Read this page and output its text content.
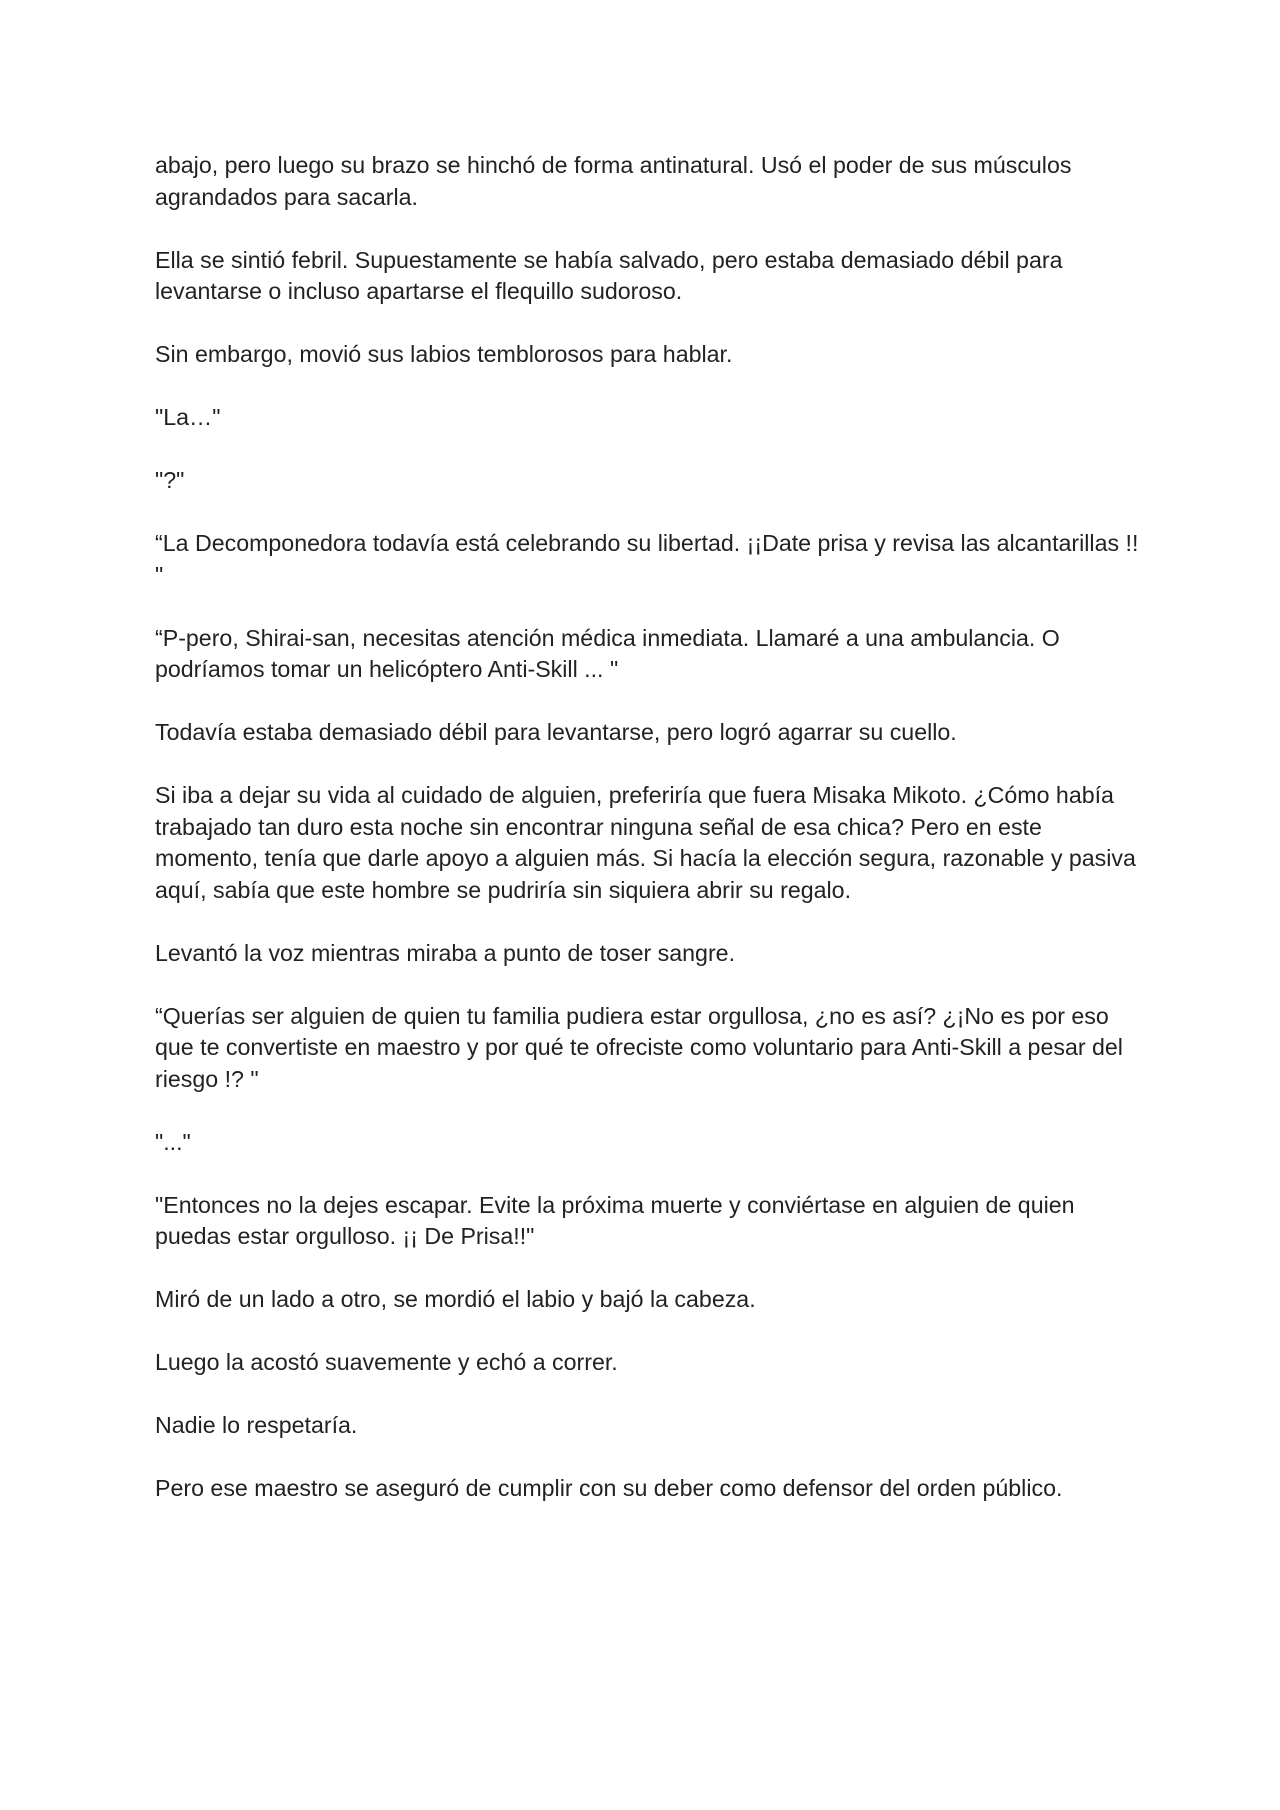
abajo, pero luego su brazo se hinchó de forma antinatural. Usó el poder de sus músculos agrandados para sacarla.

Ella se sintió febril. Supuestamente se había salvado, pero estaba demasiado débil para levantarse o incluso apartarse el flequillo sudoroso.

Sin embargo, movió sus labios temblorosos para hablar.

"La…"

"?"

“La Decomponedora todavía está celebrando su libertad. ¡¡Date prisa y revisa las alcantarillas !! "

“P-pero, Shirai-san, necesitas atención médica inmediata. Llamaré a una ambulancia. O podríamos tomar un helicóptero Anti-Skill ... "

Todavía estaba demasiado débil para levantarse, pero logró agarrar su cuello.

Si iba a dejar su vida al cuidado de alguien, preferiría que fuera Misaka Mikoto. ¿Cómo había trabajado tan duro esta noche sin encontrar ninguna señal de esa chica? Pero en este momento, tenía que darle apoyo a alguien más. Si hacía la elección segura, razonable y pasiva aquí, sabía que este hombre se pudriría sin siquiera abrir su regalo.

Levantó la voz mientras miraba a punto de toser sangre.

“Querías ser alguien de quien tu familia pudiera estar orgullosa, ¿no es así? ¿¡No es por eso que te convertiste en maestro y por qué te ofreciste como voluntario para Anti-Skill a pesar del riesgo !? "

"..."

"Entonces no la dejes escapar. Evite la próxima muerte y conviértase en alguien de quien puedas estar orgulloso. ¡¡ De Prisa!!"

Miró de un lado a otro, se mordió el labio y bajó la cabeza.

Luego la acostó suavemente y echó a correr.

Nadie lo respetaría.

Pero ese maestro se aseguró de cumplir con su deber como defensor del orden público.
